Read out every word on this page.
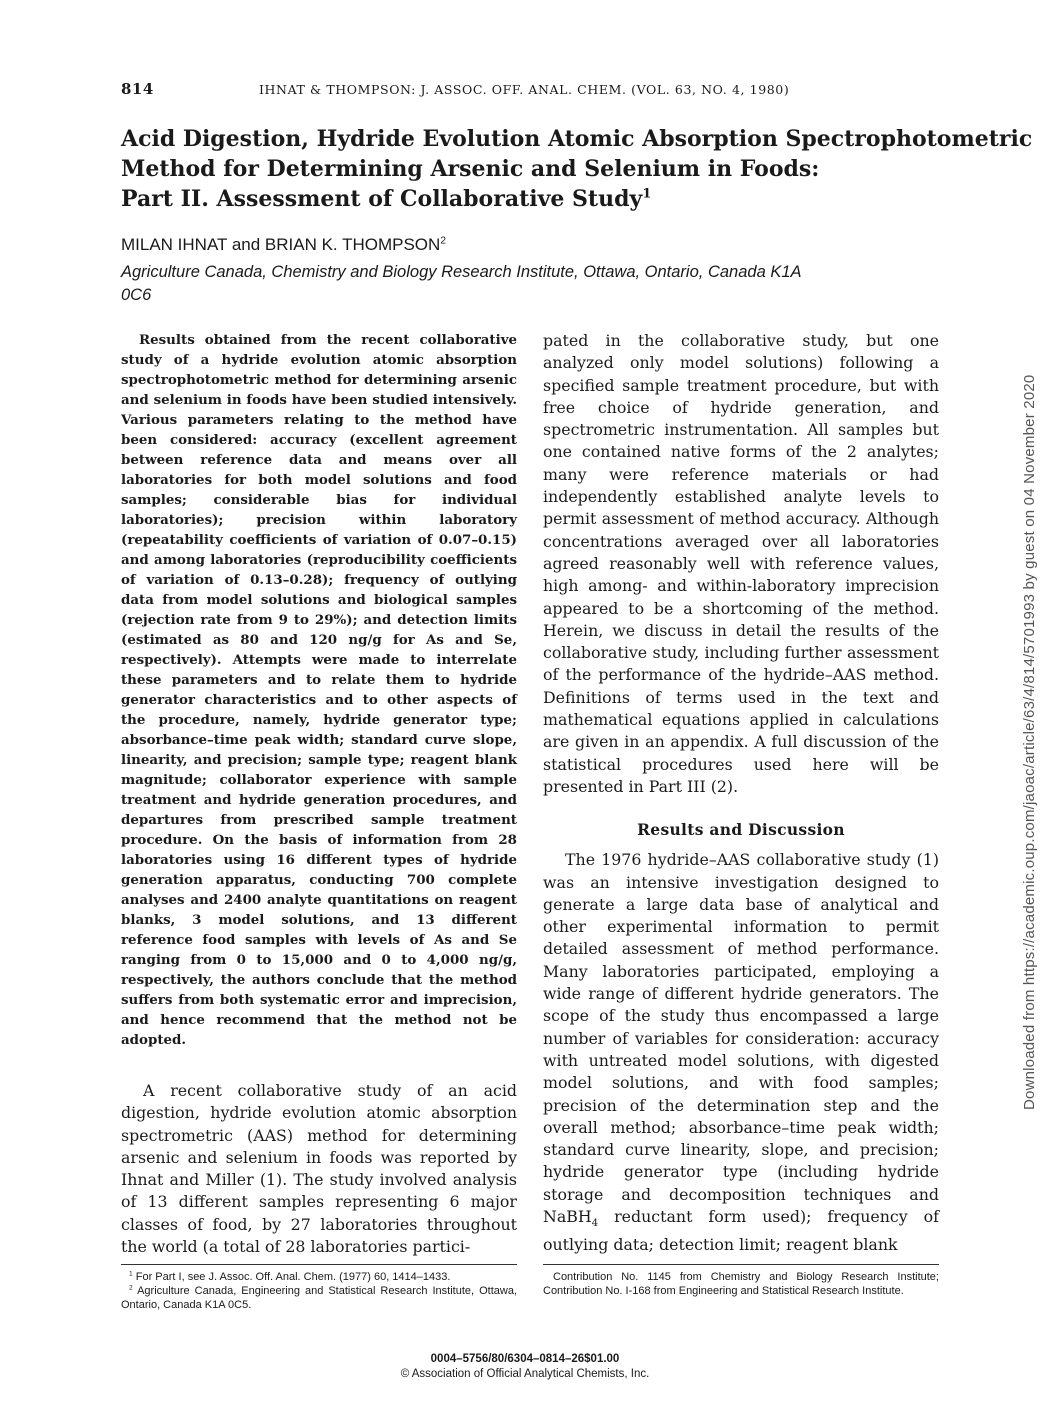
814	IHNAT & THOMPSON: J. ASSOC. OFF. ANAL. CHEM. (VOL. 63, NO. 4, 1980)
Acid Digestion, Hydride Evolution Atomic Absorption Spectrophotometric
Method for Determining Arsenic and Selenium in Foods:
Part II. Assessment of Collaborative Study$^1$
MILAN IHNAT and BRIAN K. THOMPSON$^2$
Agriculture Canada, Chemistry and Biology Research Institute, Ottawa, Ontario, Canada K1A 0C6

Results obtained from the recent collaborative study of a hydride evolution atomic absorption spectrophotometric method for determining arsenic and selenium in foods have been studied intensively. Various parameters relating to the method have been considered: accuracy (excellent agreement between reference data and means over all laboratories for both model solutions and food samples; considerable bias for individual laboratories); precision within laboratory (repeatability coefficients of variation of 0.07–0.15) and among laboratories (reproducibility coefficients of variation of 0.13–0.28); frequency of outlying data from model solutions and biological samples (rejection rate from 9 to 29%); and detection limits (estimated as 80 and 120 ng/g for As and Se, respectively). Attempts were made to interrelate these parameters and to relate them to hydride generator characteristics and to other aspects of the procedure, namely, hydride generator type; absorbance–time peak width; standard curve slope, linearity, and precision; sample type; reagent blank magnitude; collaborator experience with sample treatment and hydride generation procedures, and departures from prescribed sample treatment procedure. On the basis of information from 28 laboratories using 16 different types of hydride generation apparatus, conducting 700 complete analyses and 2400 analyte quantitations on reagent blanks, 3 model solutions, and 13 different reference food samples with levels of As and Se ranging from 0 to 15,000 and 0 to 4,000 ng/g, respectively, the authors conclude that the method suffers from both systematic error and imprecision, and hence recommend that the method not be adopted.

A recent collaborative study of an acid digestion, hydride evolution atomic absorption spectrometric (AAS) method for determining arsenic and selenium in foods was reported by Ihnat and Miller (1). The study involved analysis of 13 different samples representing 6 major classes of food, by 27 laboratories throughout the world (a total of 28 laboratories partici-

pated in the collaborative study, but one analyzed only model solutions) following a specified sample treatment procedure, but with free choice of hydride generation, and spectrometric instrumentation. All samples but one contained native forms of the 2 analytes; many were reference materials or had independently established analyte levels to permit assessment of method accuracy. Although concentrations averaged over all laboratories agreed reasonably well with reference values, high among- and within-laboratory imprecision appeared to be a shortcoming of the method. Herein, we discuss in detail the results of the collaborative study, including further assessment of the performance of the hydride–AAS method. Definitions of terms used in the text and mathematical equations applied in calculations are given in an appendix. A full discussion of the statistical procedures used here will be presented in Part III (2).

Results and Discussion

The 1976 hydride–AAS collaborative study (1) was an intensive investigation designed to generate a large data base of analytical and other experimental information to permit detailed assessment of method performance. Many laboratories participated, employing a wide range of different hydride generators. The scope of the study thus encompassed a large number of variables for consideration: accuracy with untreated model solutions, with digested model solutions, and with food samples; precision of the determination step and the overall method; absorbance–time peak width; standard curve linearity, slope, and precision; hydride generator type (including hydride storage and decomposition techniques and NaBH$_4$ reductant form used); frequency of outlying data; detection limit; reagent blank

$^1$ For Part I, see J. Assoc. Off. Anal. Chem. (1977) 60, 1414–1433.

$^2$ Agriculture Canada, Engineering and Statistical Research Institute, Ottawa, Ontario, Canada K1A 0C5.

Contribution No. 1145 from Chemistry and Biology Research Institute; Contribution No. I-168 from Engineering and Statistical Research Institute.

0004–5756/80/6304–0814–26$01.00
© Association of Official Analytical Chemists, Inc.
Downloaded from https://academic.oup.com/jaoac/article/63/4/814/5701993 by guest on 04 November 2020
